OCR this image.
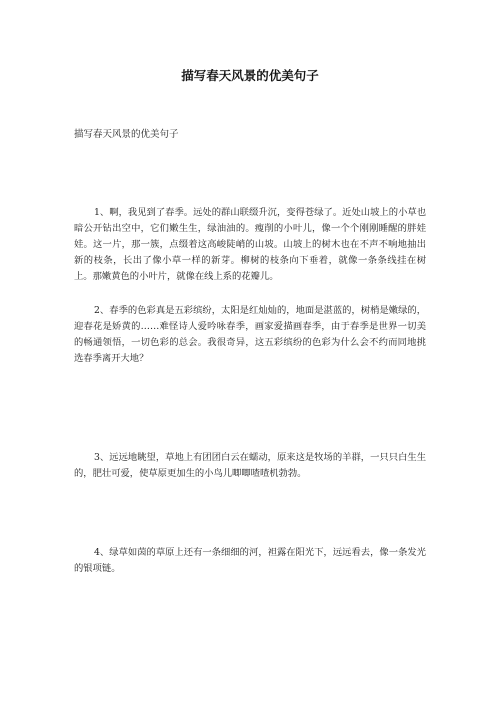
描写春天风景的优美句子

描写春天风景的优美句子

1、啊，我见到了春季。远处的群山联缀升沉，变得苍绿了。近处山坡上的小草也暗公开钻出空中，它们嫩生生，绿油油的。瘦削的小叶儿，像一个个刚刚睡醒的胖娃娃。这一片，那一簇，点缀着这高峻陡峭的山坡。山坡上的树木也在不声不响地抽出新的枝条，长出了像小草一样的新芽。柳树的枝条向下垂着，就像一条条线挂在树上。那嫩黄色的小叶片，就像在线上系的花瓣儿。

2、春季的色彩真是五彩缤纷，太阳是红灿灿的，地面是湛蓝的，树梢是嫩绿的，迎春花是娇黄的……难怪诗人爱吟咏春季，画家爱描画春季，由于春季是世界一切美的畅通领悟，一切色彩的总会。我很奇异，这五彩缤纷的色彩为什么会不约而同地挑选春季离开大地？

3、远远地眺望，草地上有团团白云在蠕动，原来这是牧场的羊群，一只只白生生的，肥壮可爱，使草原更加生的小鸟儿唧唧喳喳机勃勃。

4、绿草如茵的草原上还有一条细细的河，袒露在阳光下，远远看去，像一条发光的银项链。
